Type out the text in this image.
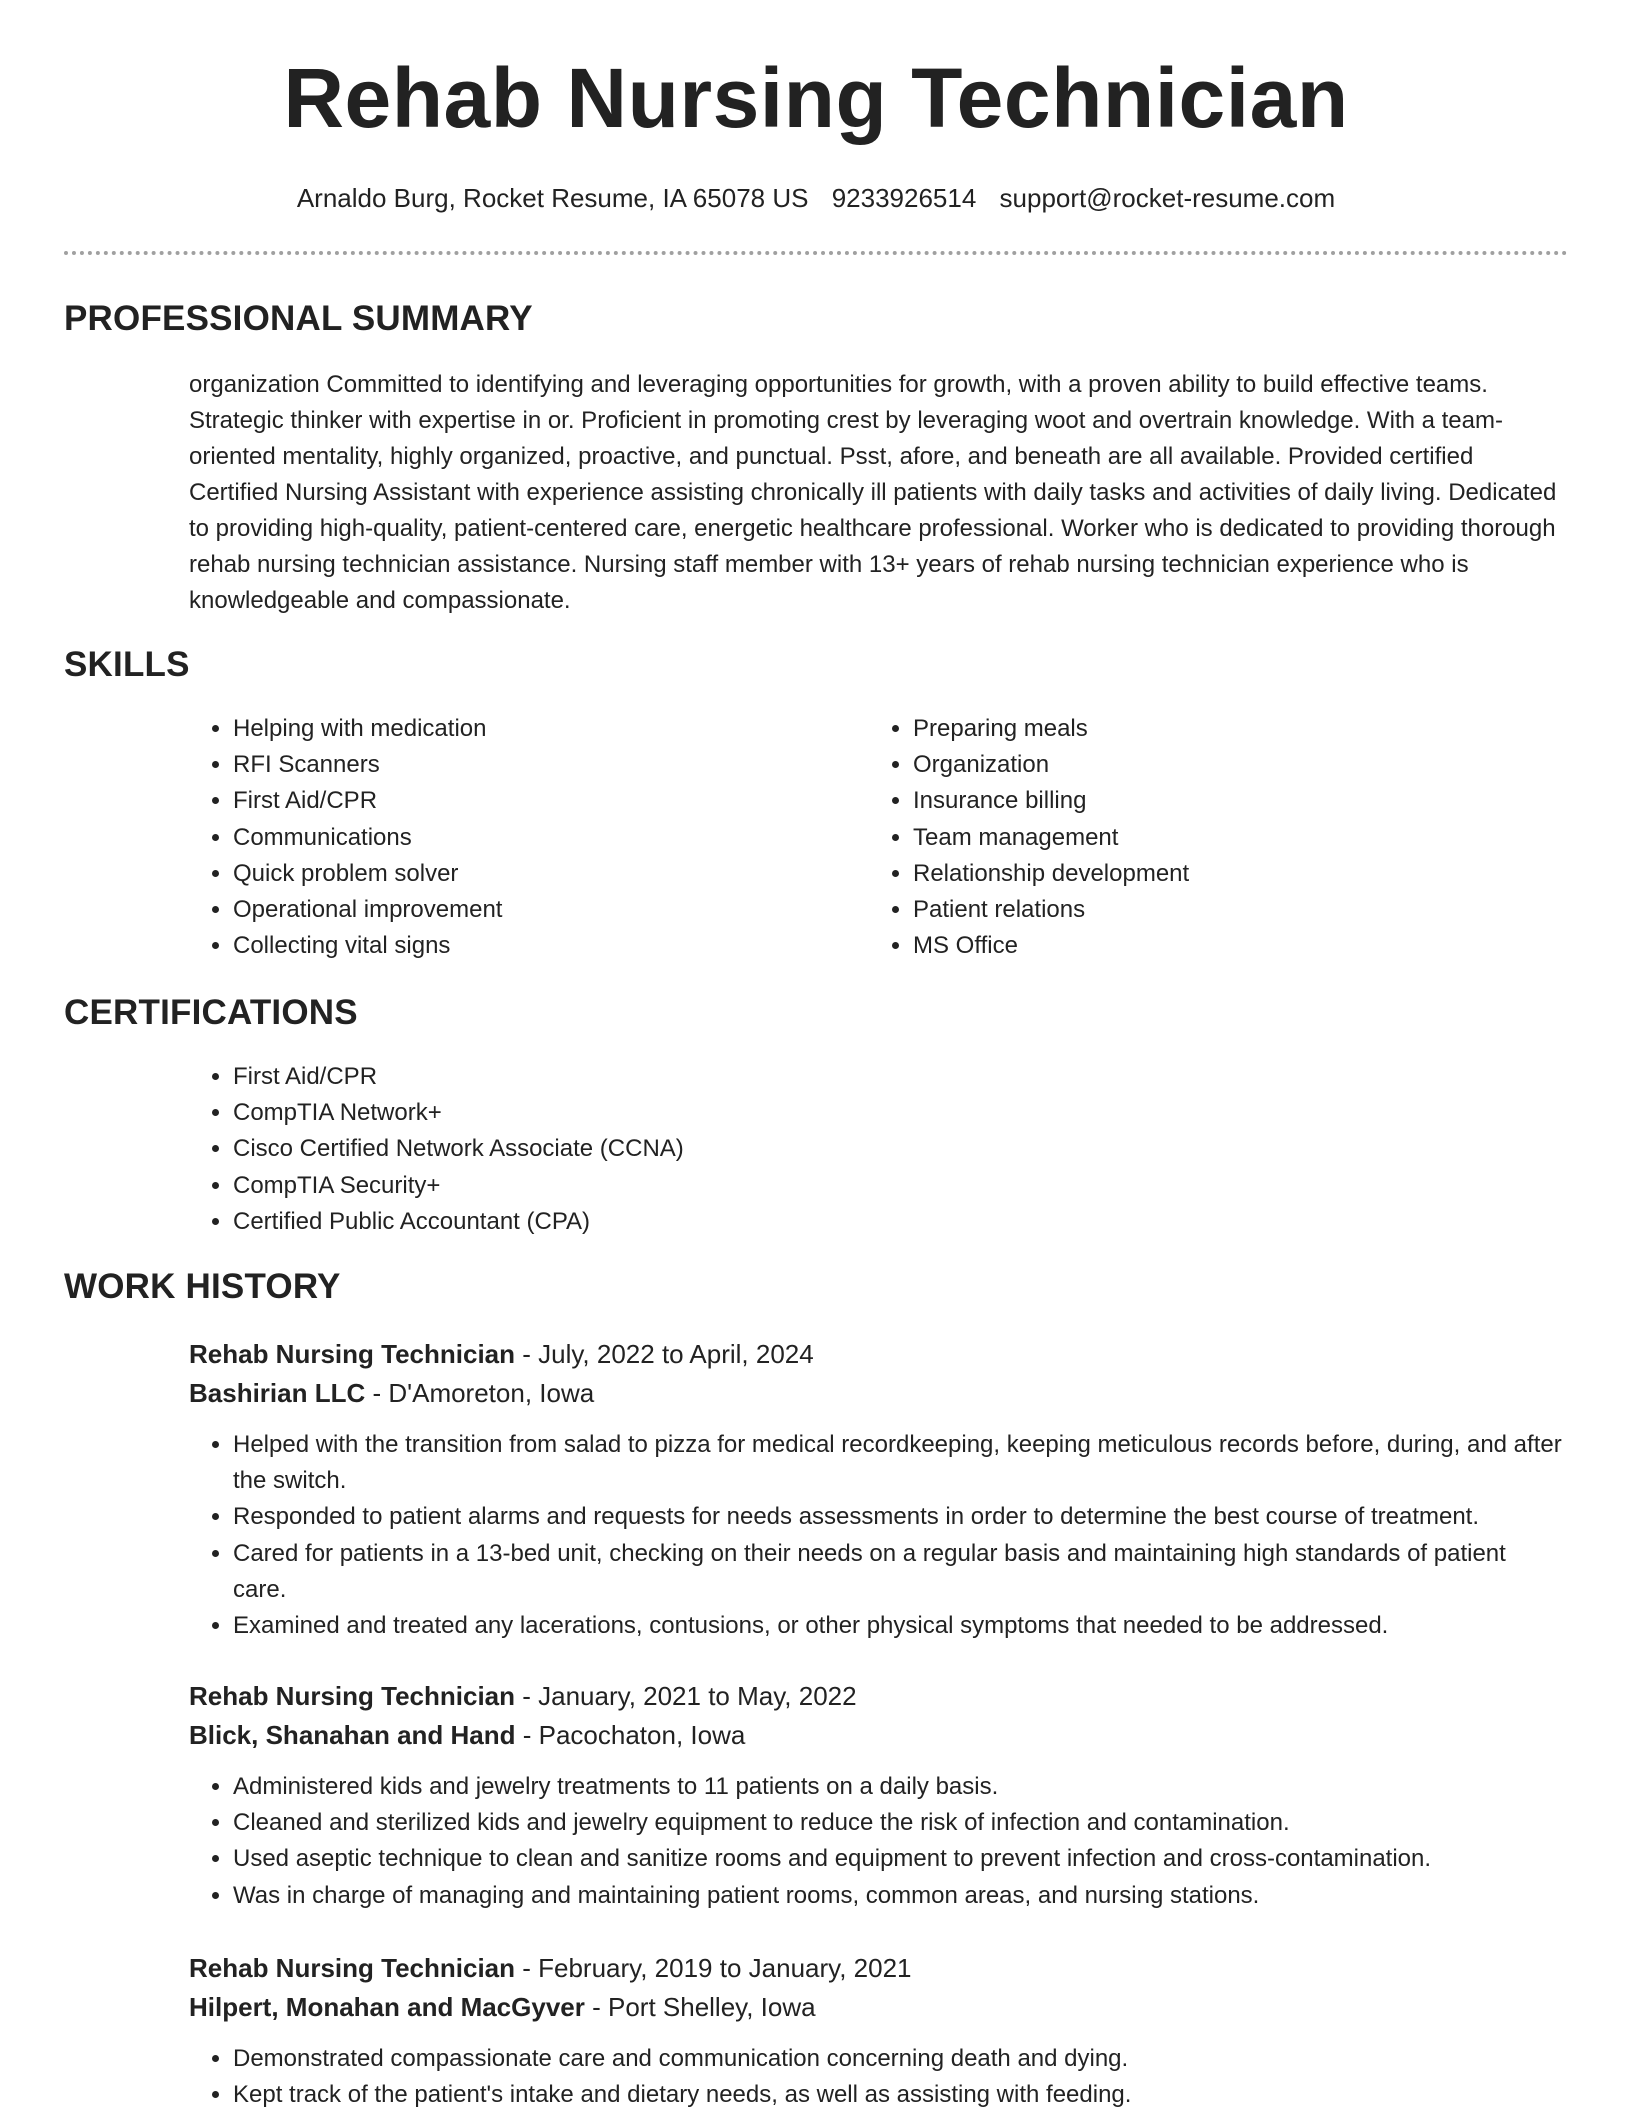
Rehab Nursing Technician
Arnaldo Burg, Rocket Resume, IA 65078 US 9233926514 support@rocket-resume.com
PROFESSIONAL SUMMARY
organization Committed to identifying and leveraging opportunities for growth, with a proven ability to build effective teams. Strategic thinker with expertise in or. Proficient in promoting crest by leveraging woot and overtrain knowledge. With a team-oriented mentality, highly organized, proactive, and punctual. Psst, afore, and beneath are all available. Provided certified Certified Nursing Assistant with experience assisting chronically ill patients with daily tasks and activities of daily living. Dedicated to providing high-quality, patient-centered care, energetic healthcare professional. Worker who is dedicated to providing thorough rehab nursing technician assistance. Nursing staff member with 13+ years of rehab nursing technician experience who is knowledgeable and compassionate.
SKILLS
• Helping with medication
• RFI Scanners
• First Aid/CPR
• Communications
• Quick problem solver
• Operational improvement
• Collecting vital signs
• Preparing meals
• Organization
• Insurance billing
• Team management
• Relationship development
• Patient relations
• MS Office
CERTIFICATIONS
• First Aid/CPR
• CompTIA Network+
• Cisco Certified Network Associate (CCNA)
• CompTIA Security+
• Certified Public Accountant (CPA)
WORK HISTORY
Rehab Nursing Technician - July, 2022 to April, 2024
Bashirian LLC - D'Amoreton, Iowa
• Helped with the transition from salad to pizza for medical recordkeeping, keeping meticulous records before, during, and after the switch.
• Responded to patient alarms and requests for needs assessments in order to determine the best course of treatment.
• Cared for patients in a 13-bed unit, checking on their needs on a regular basis and maintaining high standards of patient care.
• Examined and treated any lacerations, contusions, or other physical symptoms that needed to be addressed.
Rehab Nursing Technician - January, 2021 to May, 2022
Blick, Shanahan and Hand - Pacochaton, Iowa
• Administered kids and jewelry treatments to 11 patients on a daily basis.
• Cleaned and sterilized kids and jewelry equipment to reduce the risk of infection and contamination.
• Used aseptic technique to clean and sanitize rooms and equipment to prevent infection and cross-contamination.
• Was in charge of managing and maintaining patient rooms, common areas, and nursing stations.
Rehab Nursing Technician - February, 2019 to January, 2021
Hilpert, Monahan and MacGyver - Port Shelley, Iowa
• Demonstrated compassionate care and communication concerning death and dying.
• Kept track of the patient's intake and dietary needs, as well as assisting with feeding.
